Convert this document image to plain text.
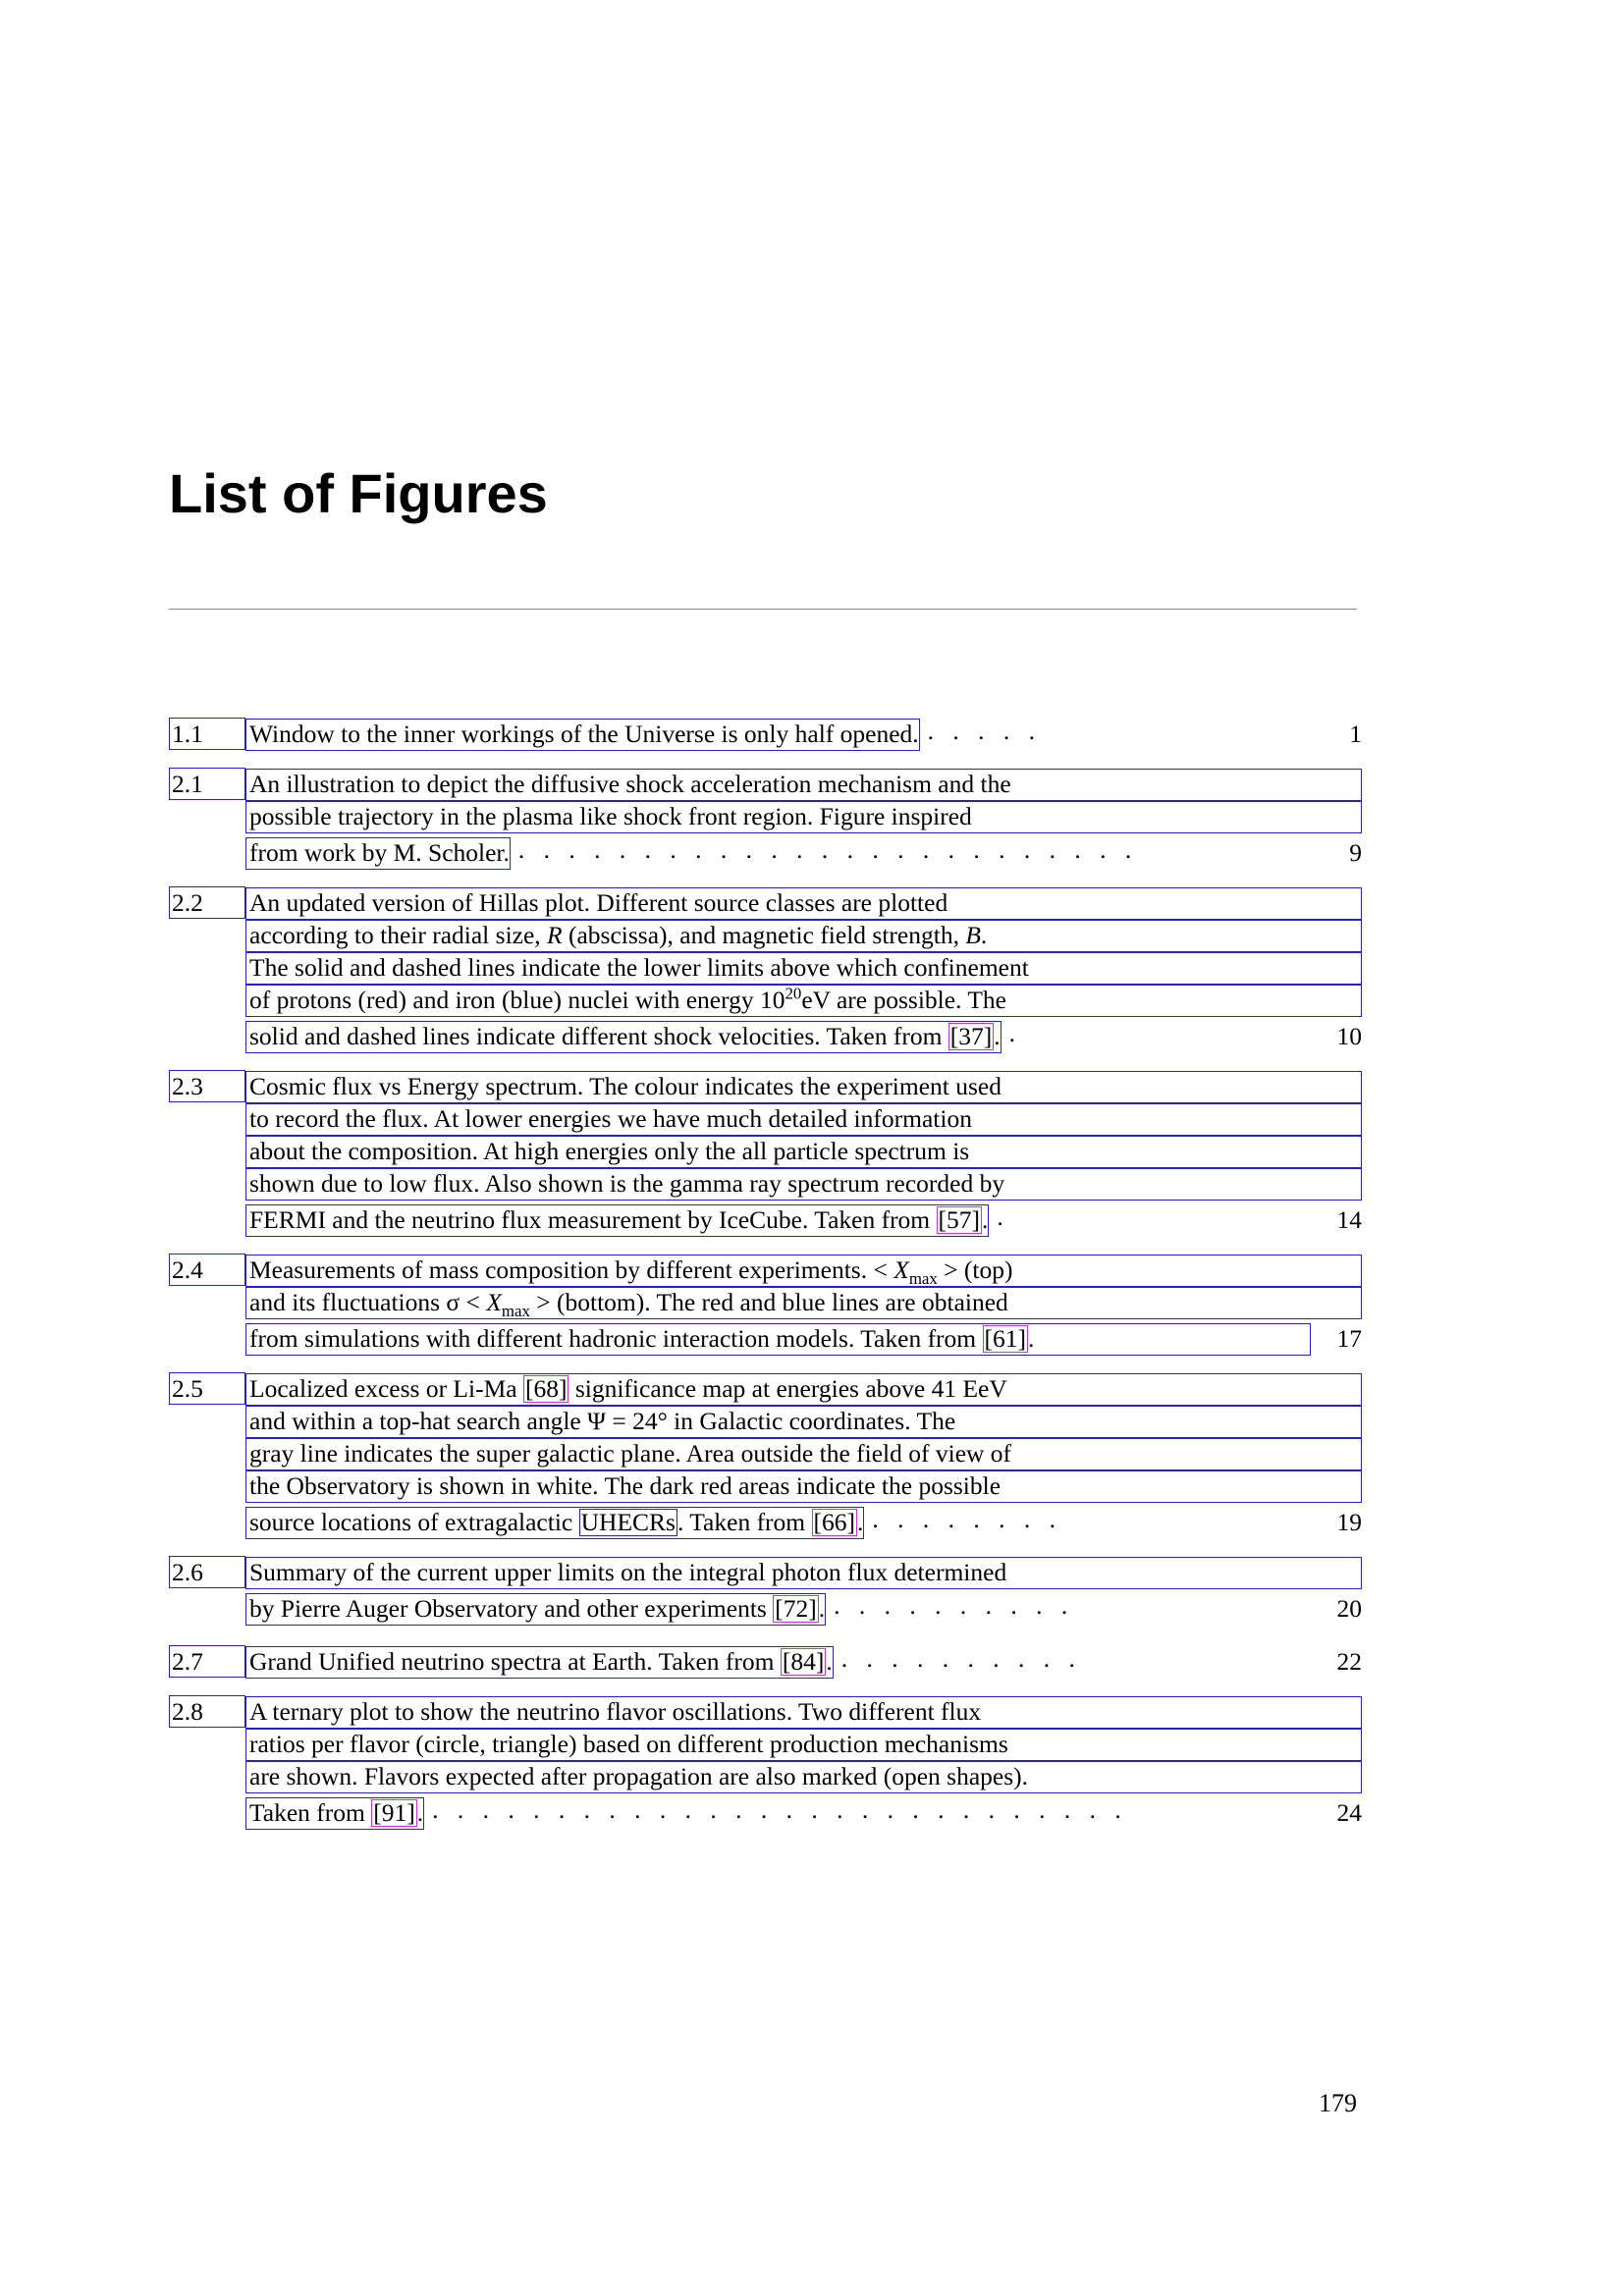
List of Figures
1.1	Window to the inner workings of the Universe is only half opened. . . . . .	1
2.1	An illustration to depict the diffusive shock acceleration mechanism and the
possible trajectory in the plasma like shock front region. Figure inspired
from work by M. Scholer. . . . . . . . . . . . . . . . . . . . . . . . . .	9
2.2	An updated version of Hillas plot. Different source classes are plotted
according to their radial size, R (abscissa), and magnetic field strength, B.
The solid and dashed lines indicate the lower limits above which confinement
of protons (red) and iron (blue) nuclei with energy $10^{20}eV$ are possible. The
solid and dashed lines indicate different shock velocities. Taken from [37]. .	10
2.3	Cosmic flux vs Energy spectrum. The colour indicates the experiment used
to record the flux. At lower energies we have much detailed information
about the composition. At high energies only the all particle spectrum is
shown due to low flux. Also shown is the gamma ray spectrum recorded by
FERMI and the neutrino flux measurement by IceCube. Taken from [57]. .	14
2.4	Measurements of mass composition by different experiments. < $X_{max} > (top)$
and its fluctuations $\sigma < X_{max}$ > (bottom). The red and blue lines are obtained
from simulations with different hadronic interaction models. Taken from [61].	17
2.5	Localized excess or Li-Ma [68] significance map at energies above 41 EeV
and within a top-hat search angle Ψ = 24° in Galactic coordinates. The
gray line indicates the super galactic plane. Area outside the field of view of
the Observatory is shown in white. The dark red areas indicate the possible
source locations of extragalactic UHECRs. Taken from [66]. . . . . . . . .	19
2.6	Summary of the current upper limits on the integral photon flux determined
by Pierre Auger Observatory and other experiments [72]. . . . . . . . . . .	20
2.7	Grand Unified neutrino spectra at Earth. Taken from [84]. . . . . . . . . . .	22
2.8	A ternary plot to show the neutrino flavor oscillations. Two different flux
ratios per flavor (circle, triangle) based on different production mechanisms
are shown. Flavors expected after propagation are also marked (open shapes).
Taken from [91]. . . . . . . . . . . . . . . . . . . . . . . . . . . . .	24
179
